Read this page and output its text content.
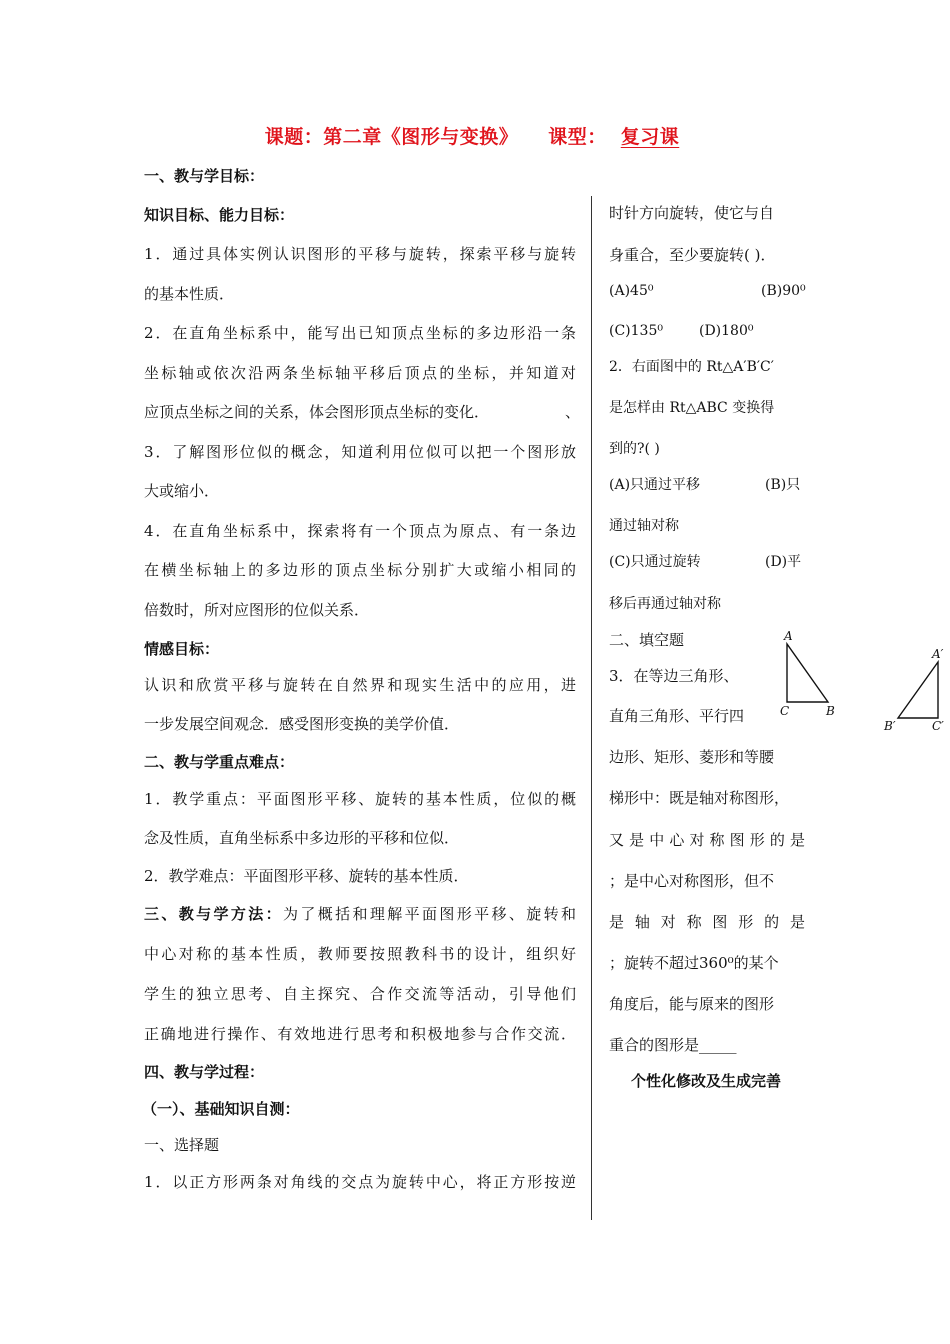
课题：第二章《图形与变换》 课型： 复习课
一、教与学目标：
知识目标、能力目标：
1．通过具体实例认识图形的平移与旋转，探索平移与旋转
的基本性质．
2．在直角坐标系中，能写出已知顶点坐标的多边形沿一条
坐标轴或依次沿两条坐标轴平移后顶点的坐标，并知道对
应顶点坐标之间的关系，体会图形顶点坐标的变化．	、
3．了解图形位似的概念，知道利用位似可以把一个图形放
大或缩小．
4．在直角坐标系中，探索将有一个顶点为原点、有一条边
在横坐标轴上的多边形的顶点坐标分别扩大或缩小相同的
倍数时，所对应图形的位似关系．
情感目标：
认识和欣赏平移与旋转在自然界和现实生活中的应用，进
一步发展空间观念．感受图形变换的美学价值．
二、教与学重点难点：
1．教学重点：平面图形平移、旋转的基本性质，位似的概
念及性质，直角坐标系中多边形的平移和位似．
2．教学难点：平面图形平移、旋转的基本性质．
三、教与学方法：为了概括和理解平面图形平移、旋转和
中心对称的基本性质，教师要按照教科书的设计，组织好
学生的独立思考、自主探究、合作交流等活动，引导他们
正确地进行操作、有效地进行思考和积极地参与合作交流．
四、教与学过程：
（一）、基础知识自测：
一、选择题
1．以正方形两条对角线的交点为旋转中心，将正方形按逆
时针方向旋转，使它与自
身重合，至少要旋转( )．
(A)45⁰	(B)90⁰
(C)135⁰	(D)180⁰
2．右面图中的 Rt△A′B′C′
是怎样由 Rt△ABC 变换得
到的?( )
(A)只通过平移	(B)只
通过轴对称
(C)只通过旋转	(D)平
移后再通过轴对称
二、填空题
3．在等边三角形、
直角三角形、平行四
边形、矩形、菱形和等腰
梯形中：既是轴对称图形，
又是中心对称图形的是
；是中心对称图形，但不
是轴对称图形的是
；旋转不超过360⁰的某个
角度后，能与原来的图形
重合的图形是_____
个性化修改及生成完善
A
C	B
A′
B′	C′
